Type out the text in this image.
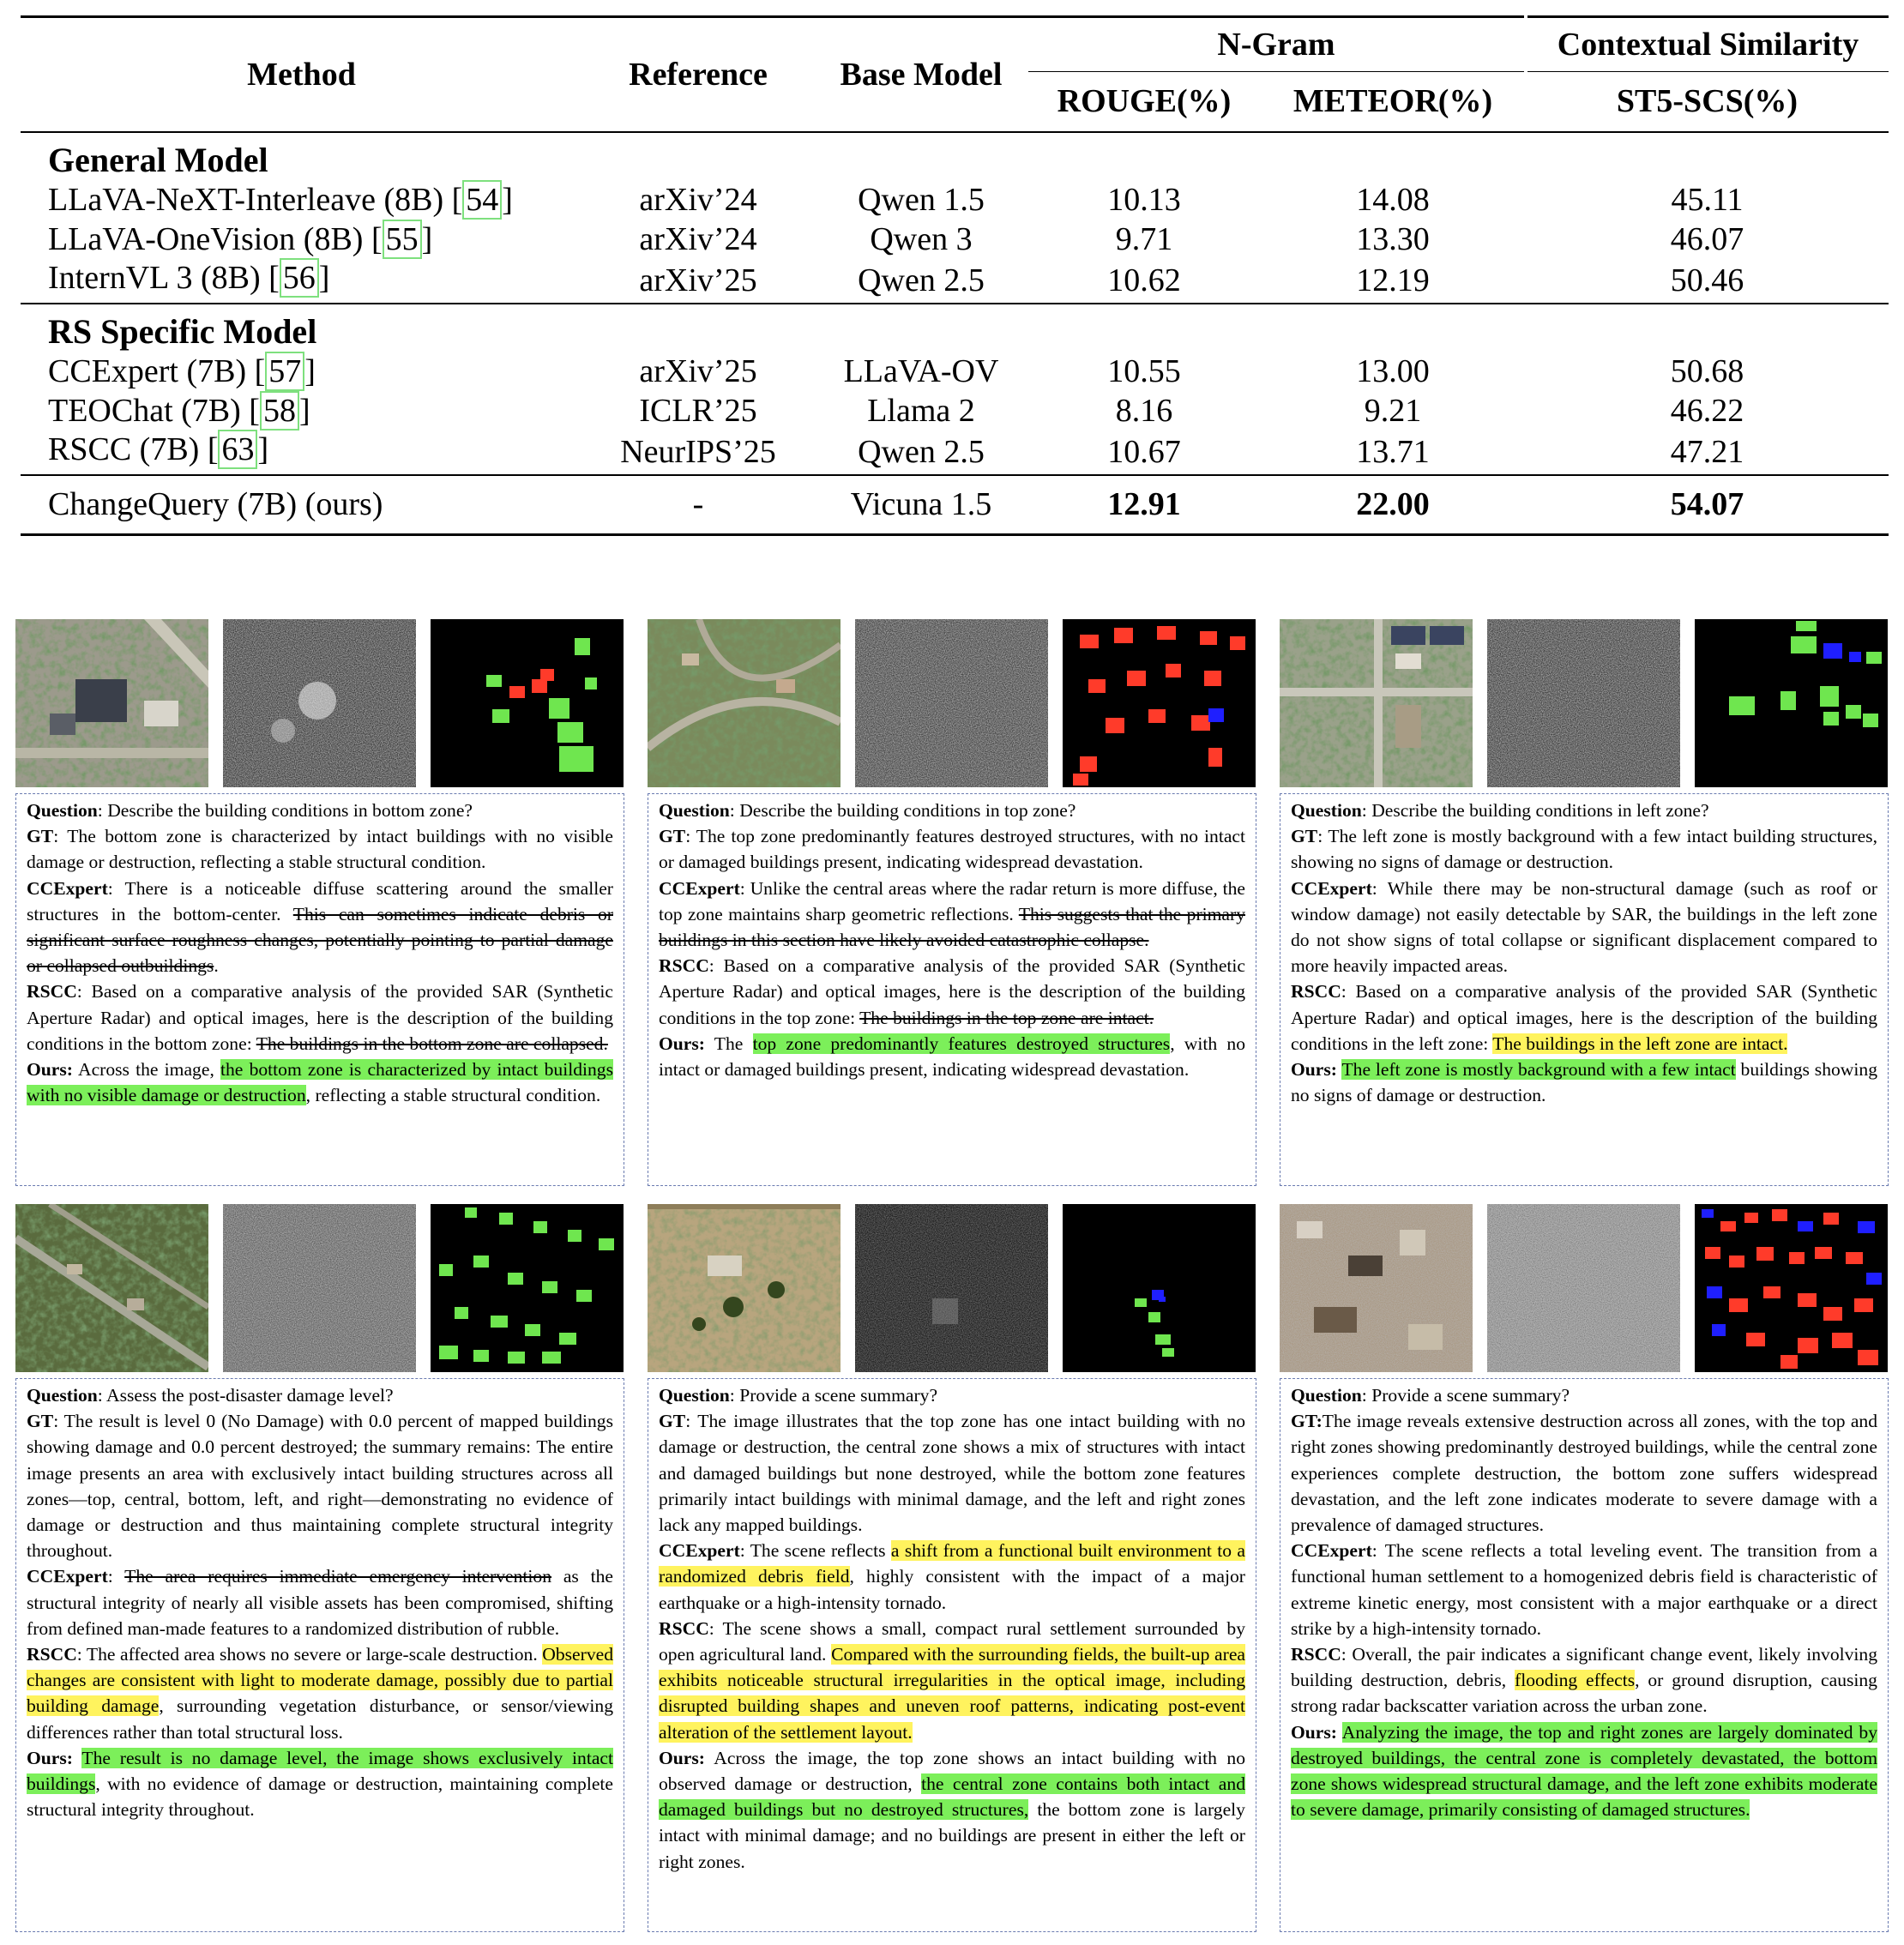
Method	Reference	Base Model	N-Gram		Contextual Similarity
			ROUGE(%)	METEOR(%)	ST5-SCS(%)
General Model					
LLaVA-NeXT-Interleave (8B) [ 54 ]	arXiv’24	Qwen 1.5	10.13	14.08	45.11
LLaVA-OneVision (8B) [ 55 ]	arXiv’24	Qwen 3	9.71	13.30	46.07
InternVL 3 (8B) [ 56 ]	arXiv’25	Qwen 2.5	10.62	12.19	50.46
RS Specific Model					
CCExpert (7B) [ 57 ]	arXiv’25	LLaVA-OV	10.55	13.00	50.68
TEOChat (7B) [ 58 ]	ICLR’25	Llama 2	8.16	9.21	46.22
RSCC (7B) [ 63 ]	NeurIPS’25	Qwen 2.5	10.67	13.71	47.21
ChangeQuery (7B) (ours)	-	Vicuna 1.5	12.91	22.00	54.07

Question: Describe the building conditions in bottom zone?

GT: The bottom zone is characterized by intact buildings with no visible damage or destruction, reflecting a stable structural condition.

CCExpert: There is a noticeable diffuse scattering around the smaller structures in the bottom-center. This can sometimes indicate debris or significant surface roughness changes, potentially pointing to partial damage or collapsed outbuildings.

RSCC: Based on a comparative analysis of the provided SAR (Synthetic Aperture Radar) and optical images, here is the description of the building conditions in the bottom zone: The buildings in the bottom zone are collapsed.

Ours: Across the image, the bottom zone is characterized by intact buildings with no visible damage or destruction, reflecting a stable structural condition.

Question: Describe the building conditions in top zone?

GT: The top zone predominantly features destroyed structures, with no intact or damaged buildings present, indicating widespread devastation.

CCExpert: Unlike the central areas where the radar return is more diffuse, the top zone maintains sharp geometric reflections. This suggests that the primary buildings in this section have likely avoided catastrophic collapse.

RSCC: Based on a comparative analysis of the provided SAR (Synthetic Aperture Radar) and optical images, here is the description of the building conditions in the top zone: The buildings in the top zone are intact.

Ours: The top zone predominantly features destroyed structures, with no intact or damaged buildings present, indicating widespread devastation.

Question: Describe the building conditions in left zone?

GT: The left zone is mostly background with a few intact building structures, showing no signs of damage or destruction.

CCExpert: While there may be non-structural damage (such as roof or window damage) not easily detectable by SAR, the buildings in the left zone do not show signs of total collapse or significant displacement compared to more heavily impacted areas.

RSCC: Based on a comparative analysis of the provided SAR (Synthetic Aperture Radar) and optical images, here is the description of the building conditions in the left zone: The buildings in the left zone are intact.

Ours: The left zone is mostly background with a few intact buildings showing no signs of damage or destruction.

Question: Assess the post-disaster damage level?

GT: The result is level 0 (No Damage) with 0.0 percent of mapped buildings showing damage and 0.0 percent destroyed; the summary remains: The entire image presents an area with exclusively intact building structures across all zones—top, central, bottom, left, and right—demonstrating no evidence of damage or destruction and thus maintaining complete structural integrity throughout.

CCExpert: The area requires immediate emergency intervention as the structural integrity of nearly all visible assets has been compromised, shifting from defined man-made features to a randomized distribution of rubble.

RSCC: The affected area shows no severe or large-scale destruction. Observed changes are consistent with light to moderate damage, possibly due to partial building damage, surrounding vegetation disturbance, or sensor/viewing differences rather than total structural loss.

Ours: The result is no damage level, the image shows exclusively intact buildings, with no evidence of damage or destruction, maintaining complete structural integrity throughout.

Question: Provide a scene summary?

GT: The image illustrates that the top zone has one intact building with no damage or destruction, the central zone shows a mix of structures with intact and damaged buildings but none destroyed, while the bottom zone features primarily intact buildings with minimal damage, and the left and right zones lack any mapped buildings.

CCExpert: The scene reflects a shift from a functional built environment to a randomized debris field, highly consistent with the impact of a major earthquake or a high-intensity tornado.

RSCC: The scene shows a small, compact rural settlement surrounded by open agricultural land. Compared with the surrounding fields, the built-up area exhibits noticeable structural irregularities in the optical image, including disrupted building shapes and uneven roof patterns, indicating post-event alteration of the settlement layout.

Ours: Across the image, the top zone shows an intact building with no observed damage or destruction, the central zone contains both intact and damaged buildings but no destroyed structures, the bottom zone is largely intact with minimal damage; and no buildings are present in either the left or right zones.

Question: Provide a scene summary?

GT:The image reveals extensive destruction across all zones, with the top and right zones showing predominantly destroyed buildings, while the central zone experiences complete destruction, the bottom zone suffers widespread devastation, and the left zone indicates moderate to severe damage with a prevalence of damaged structures.

CCExpert: The scene reflects a total leveling event. The transition from a functional human settlement to a homogenized debris field is characteristic of extreme kinetic energy, most consistent with a major earthquake or a direct strike by a high-intensity tornado.

RSCC: Overall, the pair indicates a significant change event, likely involving building destruction, debris, flooding effects, or ground disruption, causing strong radar backscatter variation across the urban zone.

Ours: Analyzing the image, the top and right zones are largely dominated by destroyed buildings, the central zone is completely devastated, the bottom zone shows widespread structural damage, and the left zone exhibits moderate to severe damage, primarily consisting of damaged structures.
